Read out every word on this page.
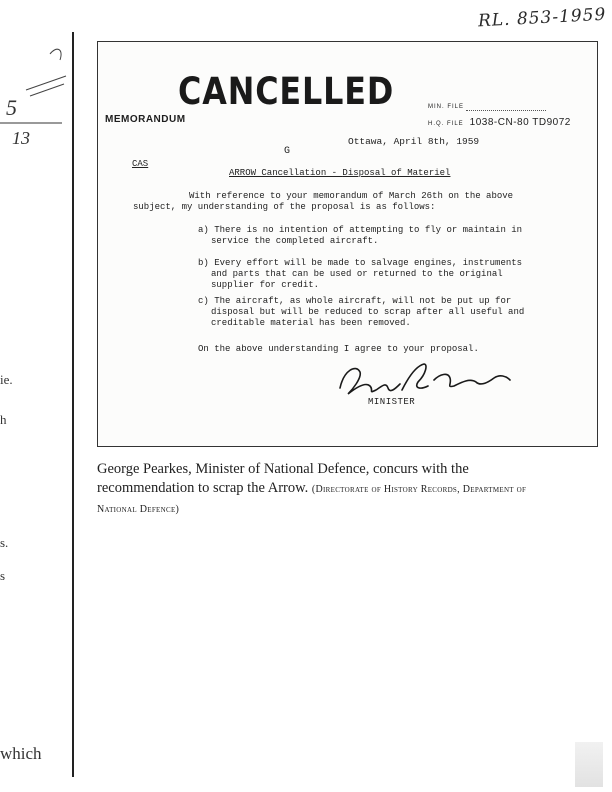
RL. 853-1959
5
13
ie.
h
s.
s
which
CANCELLED
MEMORANDUM
MIN. FILE
H.Q. FILE 1038-CN-80 TD9072
Ottawa, April 8th, 1959
G
CAS
ARROW Cancellation - Disposal of Materiel
With reference to your memorandum of March 26th on the above
subject, my understanding of the proposal is as follows:
a) There is no intention of attempting to fly or maintain in
service the completed aircraft.
b) Every effort will be made to salvage engines, instruments
and parts that can be used or returned to the original
supplier for credit.
c) The aircraft, as whole aircraft, will not be put up for
disposal but will be reduced to scrap after all useful and
creditable material has been removed.
On the above understanding I agree to your proposal.
MINISTER
George Pearkes, Minister of National Defence, concurs with the recommendation to scrap the Arrow. (Directorate of History Records, Department of National Defence)
